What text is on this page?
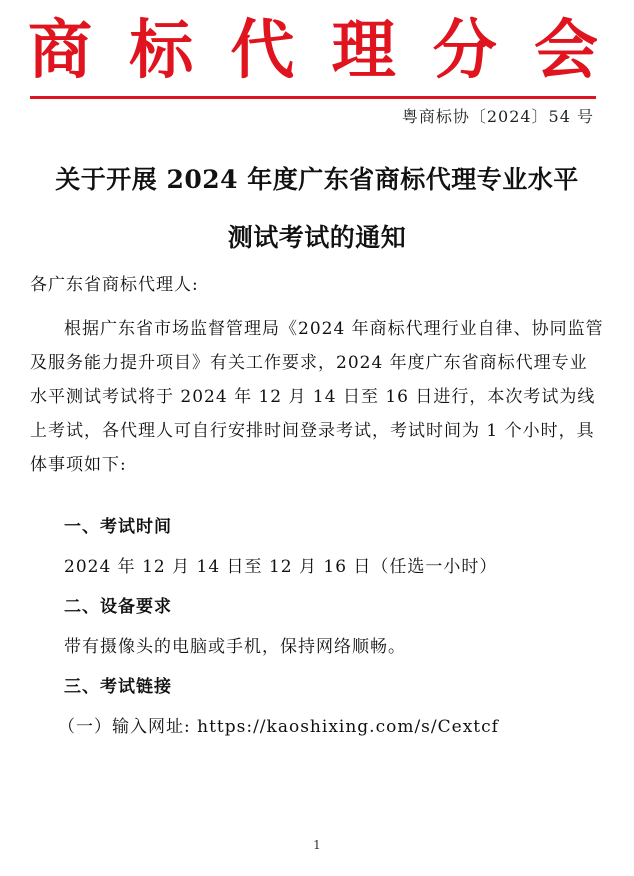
商 标 代 理 分 会
粤商标协〔2024〕54 号
关于开展 2024 年度广东省商标代理专业水平
测试考试的通知
各广东省商标代理人:
根据广东省市场监督管理局《2024 年商标代理行业自律、协同监管及服务能力提升项目》有关工作要求，2024 年度广东省商标代理专业水平测试考试将于 2024 年 12 月 14 日至 16 日进行，本次考试为线上考试，各代理人可自行安排时间登录考试，考试时间为 1 个小时，具体事项如下:
一、考试时间
2024 年 12 月 14 日至 12 月 16 日（任选一小时）
二、设备要求
带有摄像头的电脑或手机，保持网络顺畅。
三、考试链接
（一）输入网址: https://kaoshixing.com/s/Cextcf
1
